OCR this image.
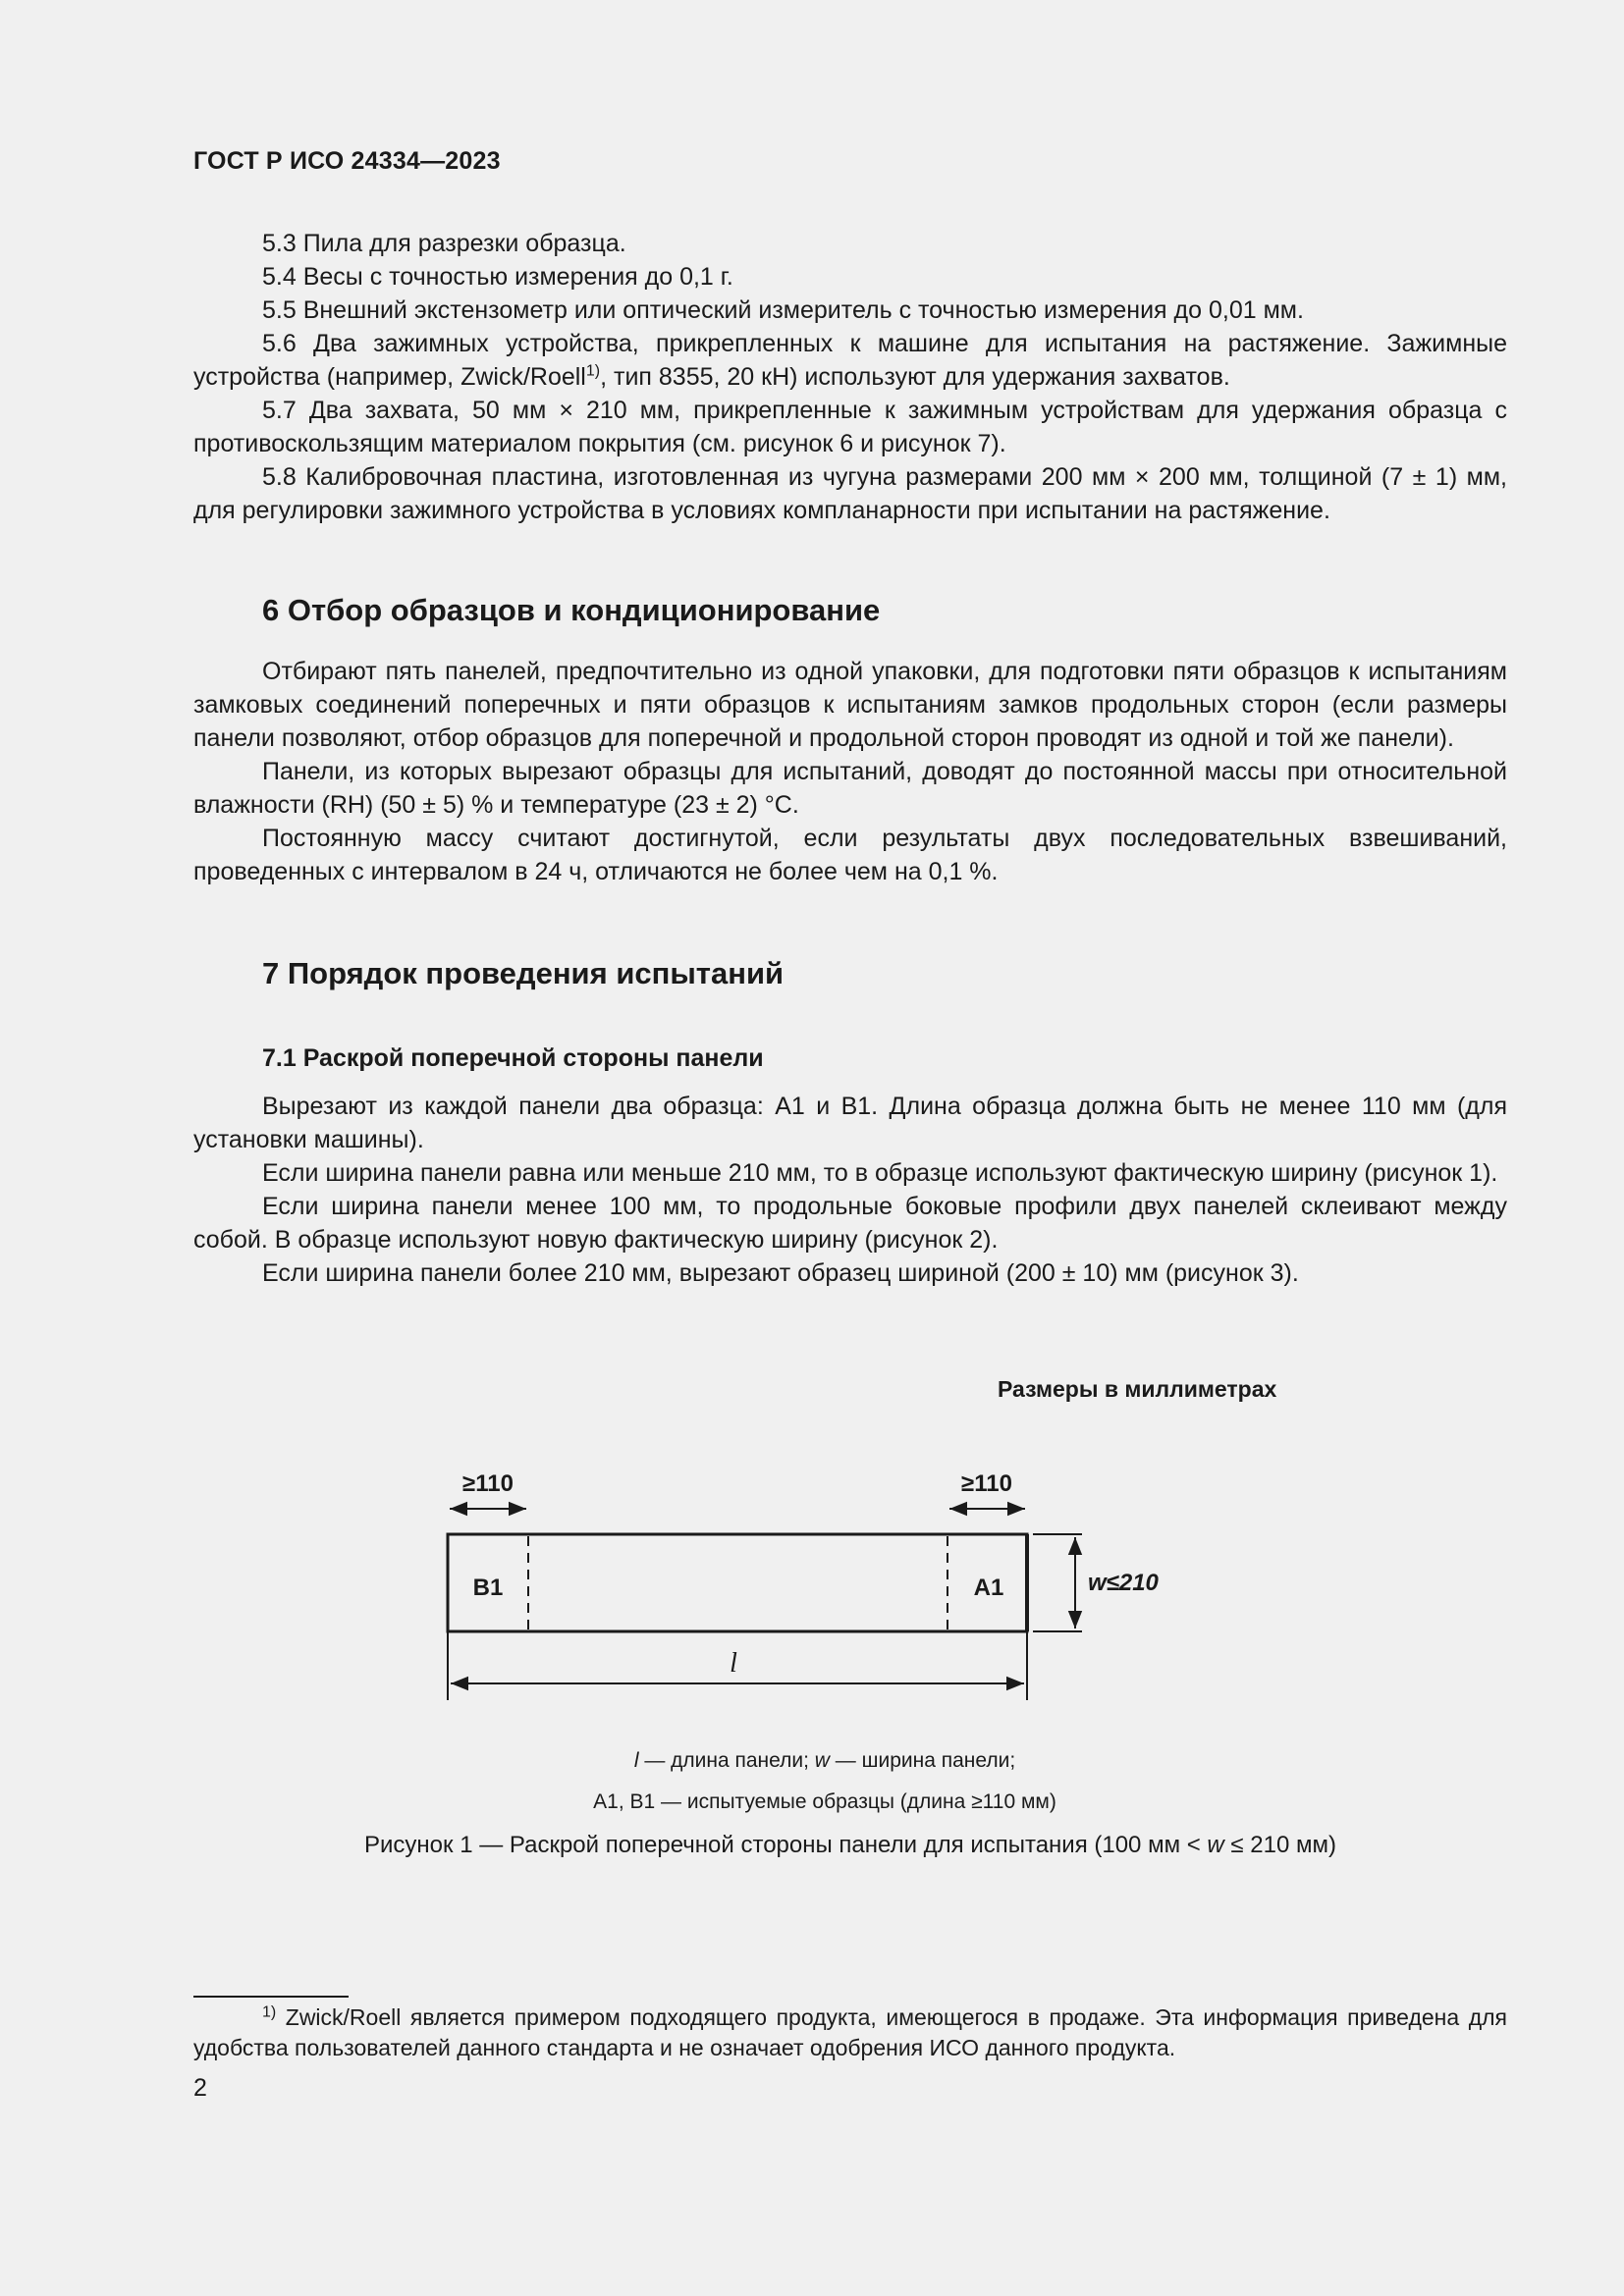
ГОСТ Р ИСО 24334—2023

5.3 Пила для разрезки образца.

5.4 Весы с точностью измерения до 0,1 г.

5.5 Внешний экстензометр или оптический измеритель с точностью измерения до 0,01 мм.

5.6 Два зажимных устройства, прикрепленных к машине для испытания на растяжение. Зажимные устройства (например, Zwick/Roell$^{1)}$, тип 8355, 20 кН) используют для удержания захватов.

5.7 Два захвата, 50 мм × 210 мм, прикрепленные к зажимным устройствам для удержания образца с противоскользящим материалом покрытия (см. рисунок 6 и рисунок 7).

5.8 Калибровочная пластина, изготовленная из чугуна размерами 200 мм × 200 мм, толщиной (7 ± 1) мм, для регулировки зажимного устройства в условиях компланарности при испытании на растяжение.

6 Отбор образцов и кондиционирование

Отбирают пять панелей, предпочтительно из одной упаковки, для подготовки пяти образцов к испытаниям замковых соединений поперечных и пяти образцов к испытаниям замков продольных сторон (если размеры панели позволяют, отбор образцов для поперечной и продольной сторон проводят из одной и той же панели).

Панели, из которых вырезают образцы для испытаний, доводят до постоянной массы при относительной влажности (RH) (50 ± 5) % и температуре (23 ± 2) °С.

Постоянную массу считают достигнутой, если результаты двух последовательных взвешиваний, проведенных с интервалом в 24 ч, отличаются не более чем на 0,1 %.

7 Порядок проведения испытаний
7.1 Раскрой поперечной стороны панели

Вырезают из каждой панели два образца: А1 и В1. Длина образца должна быть не менее 110 мм (для установки машины).

Если ширина панели равна или меньше 210 мм, то в образце используют фактическую ширину (рисунок 1).

Если ширина панели менее 100 мм, то продольные боковые профили двух панелей склеивают между собой. В образце используют новую фактическую ширину (рисунок 2).

Если ширина панели более 210 мм, вырезают образец шириной (200 ± 10) мм (рисунок 3).

Размеры в миллиметрах
≥110	≥110
В1	А1	w≤210
l
l — длина панели; w — ширина панели;
А1, В1 — испытуемые образцы (длина ≥110 мм)
Рисунок 1 — Раскрой поперечной стороны панели для испытания (100 мм < w ≤ 210 мм)

$^{1)}$ Zwick/Roell является примером подходящего продукта, имеющегося в продаже. Эта информация приведена для удобства пользователей данного стандарта и не означает одобрения ИСО данного продукта.

2
